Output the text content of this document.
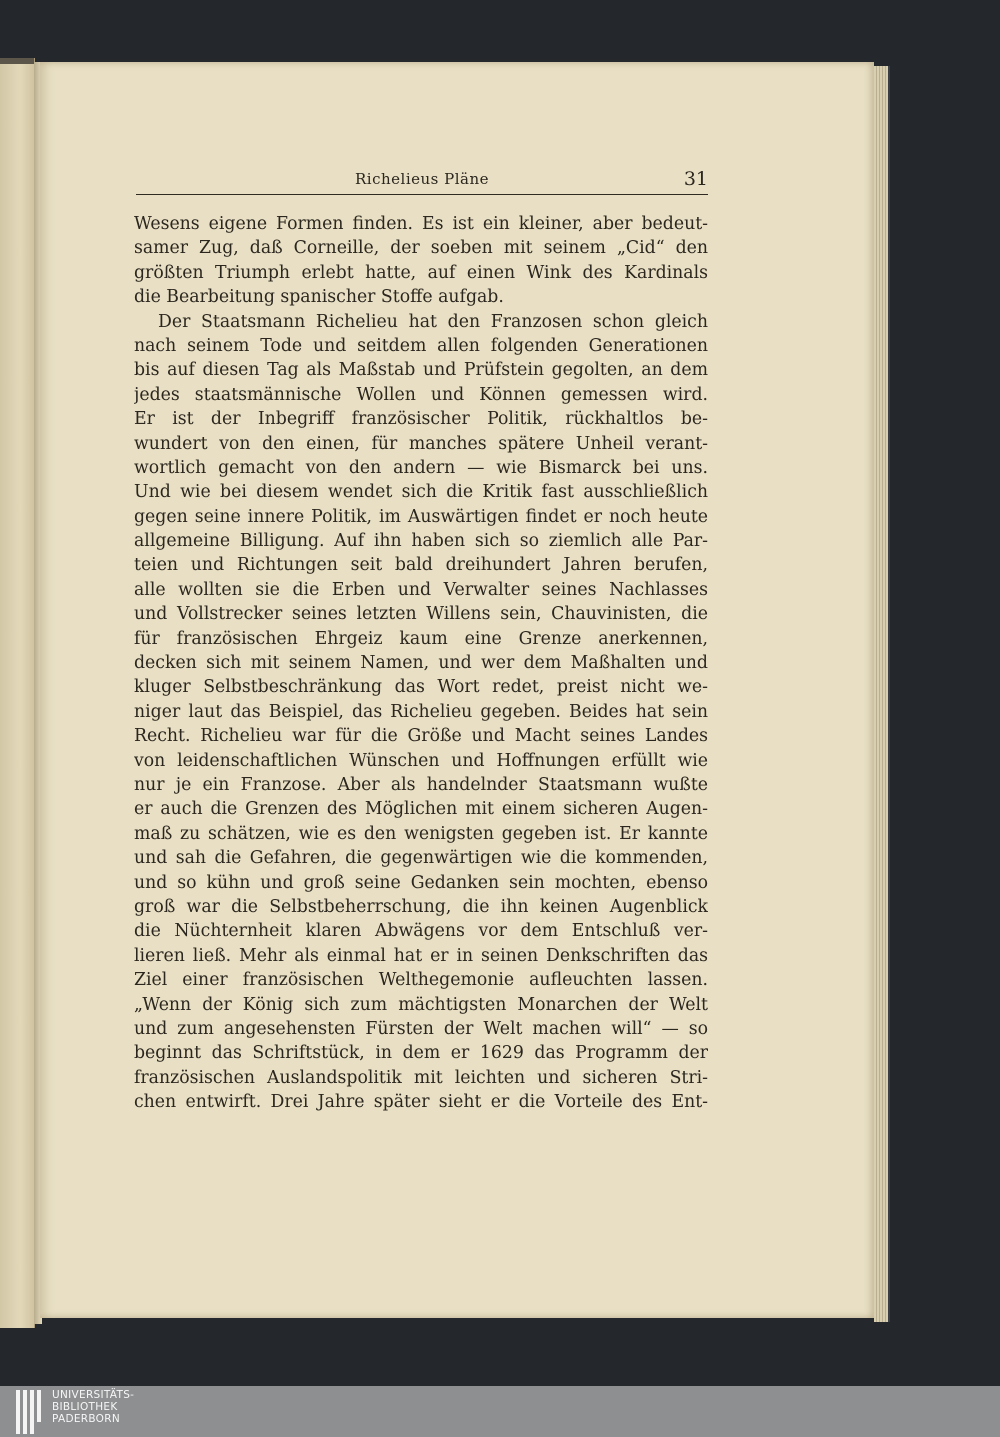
Richelieus Pläne	31
Wesens eigene Formen finden. Es ist ein kleiner, aber bedeut-
samer Zug, daß Corneille, der soeben mit seinem „Cid“ den
größten Triumph erlebt hatte, auf einen Wink des Kardinals
die Bearbeitung spanischer Stoffe aufgab.
Der Staatsmann Richelieu hat den Franzosen schon gleich
nach seinem Tode und seitdem allen folgenden Generationen
bis auf diesen Tag als Maßstab und Prüfstein gegolten, an dem
jedes staatsmännische Wollen und Können gemessen wird.
Er ist der Inbegriff französischer Politik, rückhaltlos be-
wundert von den einen, für manches spätere Unheil verant-
wortlich gemacht von den andern — wie Bismarck bei uns.
Und wie bei diesem wendet sich die Kritik fast ausschließlich
gegen seine innere Politik, im Auswärtigen findet er noch heute
allgemeine Billigung. Auf ihn haben sich so ziemlich alle Par-
teien und Richtungen seit bald dreihundert Jahren berufen,
alle wollten sie die Erben und Verwalter seines Nachlasses
und Vollstrecker seines letzten Willens sein, Chauvinisten, die
für französischen Ehrgeiz kaum eine Grenze anerkennen,
decken sich mit seinem Namen, und wer dem Maßhalten und
kluger Selbstbeschränkung das Wort redet, preist nicht we-
niger laut das Beispiel, das Richelieu gegeben. Beides hat sein
Recht. Richelieu war für die Größe und Macht seines Landes
von leidenschaftlichen Wünschen und Hoffnungen erfüllt wie
nur je ein Franzose. Aber als handelnder Staatsmann wußte
er auch die Grenzen des Möglichen mit einem sicheren Augen-
maß zu schätzen, wie es den wenigsten gegeben ist. Er kannte
und sah die Gefahren, die gegenwärtigen wie die kommenden,
und so kühn und groß seine Gedanken sein mochten, ebenso
groß war die Selbstbeherrschung, die ihn keinen Augenblick
die Nüchternheit klaren Abwägens vor dem Entschluß ver-
lieren ließ. Mehr als einmal hat er in seinen Denkschriften das
Ziel einer französischen Welthegemonie aufleuchten lassen.
„Wenn der König sich zum mächtigsten Monarchen der Welt
und zum angesehensten Fürsten der Welt machen will“ — so
beginnt das Schriftstück, in dem er 1629 das Programm der
französischen Auslandspolitik mit leichten und sicheren Stri-
chen entwirft. Drei Jahre später sieht er die Vorteile des Ent-
UNIVERSITÄTS-
BIBLIOTHEK
PADERBORN
